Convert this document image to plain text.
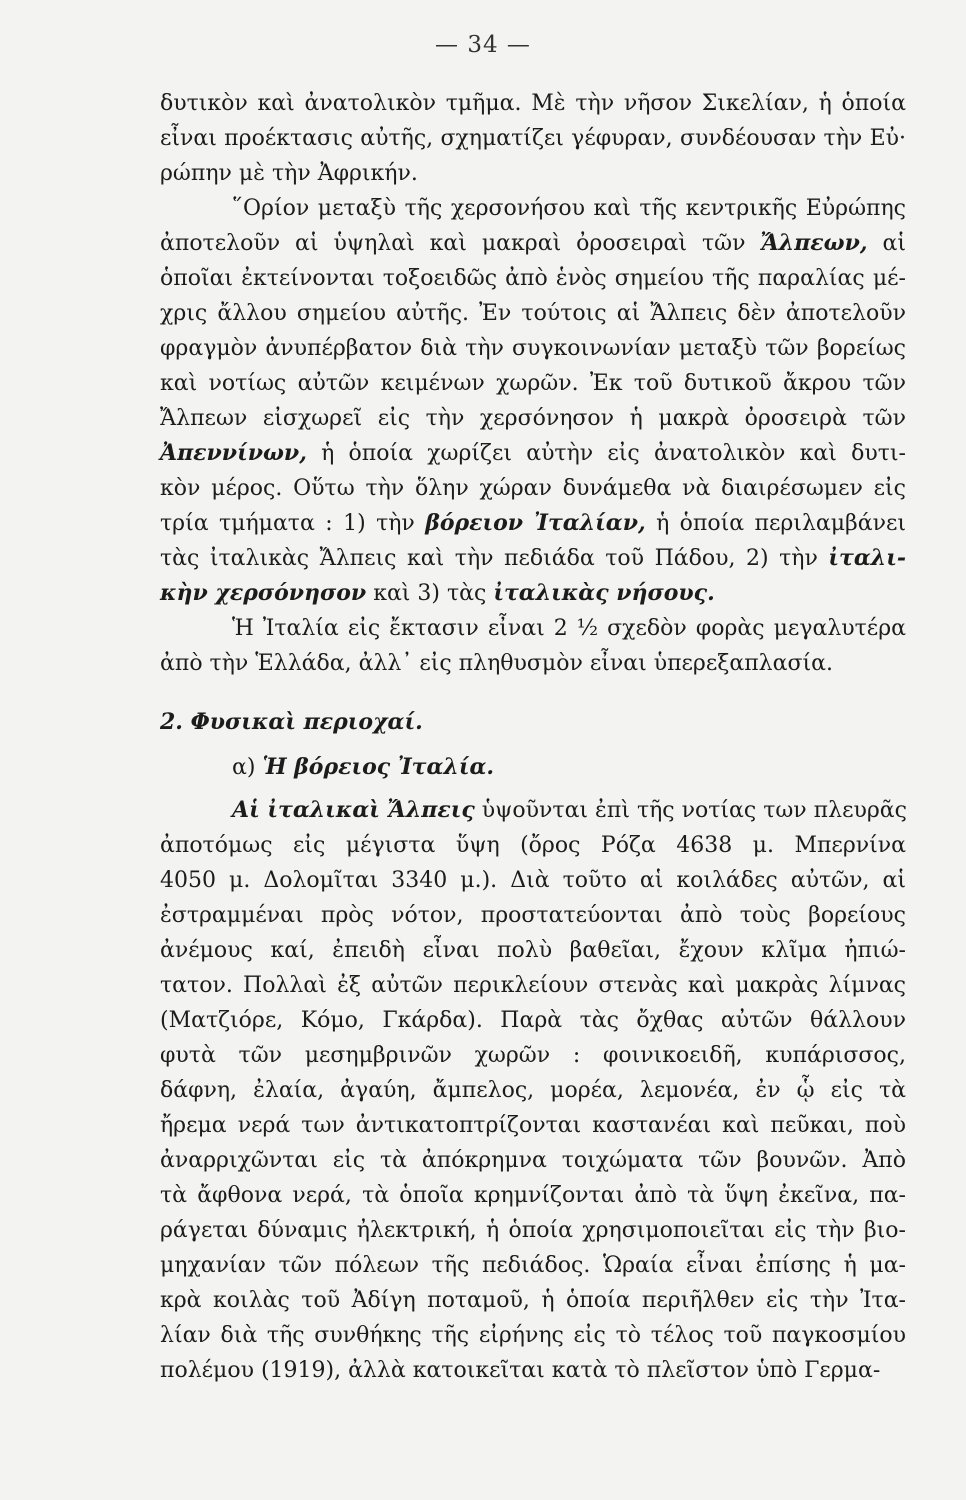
— 34 —
δυτικὸν καὶ ἀνατολικὸν τμῆμα. Μὲ τὴν νῆσον Σικελίαν, ἡ ὁποία
εἶναι προέκτασις αὐτῆς, σχηματίζει γέφυραν, συνδέουσαν τὴν Εὐ·
ρώπην μὲ τὴν Ἀφρικήν.
῞Ορίον μεταξὺ τῆς χερσονήσου καὶ τῆς κεντρικῆς Εὐρώπης
ἀποτελοῦν αἱ ὑψηλαὶ καὶ μακραὶ ὀροσειραὶ τῶν Ἄλπεων, αἱ
ὁποῖαι ἐκτείνονται τοξοειδῶς ἀπὸ ἑνὸς σημείου τῆς παραλίας μέ-
χρις ἄλλου σημείου αὐτῆς. Ἐν τούτοις αἱ Ἄλπεις δὲν ἀποτελοῦν
φραγμὸν ἀνυπέρβατον διὰ τὴν συγκοινωνίαν μεταξὺ τῶν βορείως
καὶ νοτίως αὐτῶν κειμένων χωρῶν. Ἐκ τοῦ δυτικοῦ ἄκρου τῶν
Ἄλπεων εἰσχωρεῖ εἰς τὴν χερσόνησον ἡ μακρὰ ὀροσειρὰ τῶν
Ἀπεννίνων, ἡ ὁποία χωρίζει αὐτὴν εἰς ἀνατολικὸν καὶ δυτι-
κὸν μέρος. Οὕτω τὴν ὅλην χώραν δυνάμεθα νὰ διαιρέσωμεν εἰς
τρία τμήματα : 1) τὴν βόρειον Ἰταλίαν, ἡ ὁποία περιλαμβάνει
τὰς ἰταλικὰς Ἄλπεις καὶ τὴν πεδιάδα τοῦ Πάδου, 2) τὴν ἰταλι-
κὴν χερσόνησον καὶ 3) τὰς ἰταλικὰς νήσους.
Ἡ Ἰταλία εἰς ἔκτασιν εἶναι 2 ½ σχεδὸν φορὰς μεγαλυτέρα
ἀπὸ τὴν Ἑλλάδα, ἀλλ᾽ εἰς πληθυσμὸν εἶναι ὑπερεξαπλασία.
2. Φυσικαὶ περιοχαί.
α) Ἡ βόρειος Ἰταλία.
Αἱ ἰταλικαὶ Ἄλπεις ὑψοῦνται ἐπὶ τῆς νοτίας των πλευρᾶς
ἀποτόμως εἰς μέγιστα ὕψη (ὄρος Ρόζα 4638 μ. Μπερνίνα
4050 μ. Δολομῖται 3340 μ.). Διὰ τοῦτο αἱ κοιλάδες αὐτῶν, αἱ
ἐστραμμέναι πρὸς νότον, προστατεύονται ἀπὸ τοὺς βορείους
ἀνέμους καί, ἐπειδὴ εἶναι πολὺ βαθεῖαι, ἔχουν κλῖμα ἠπιώ-
τατον. Πολλαὶ ἐξ αὐτῶν περικλείουν στενὰς καὶ μακρὰς λίμνας
(Ματζιόρε, Κόμο, Γκάρδα). Παρὰ τὰς ὄχθας αὐτῶν θάλλουν
φυτὰ τῶν μεσημβρινῶν χωρῶν : φοινικοειδῆ, κυπάρισσος,
δάφνη, ἐλαία, ἀγαύη, ἄμπελος, μορέα, λεμονέα, ἐν ᾧ εἰς τὰ
ἤρεμα νερά των ἀντικατοπτρίζονται καστανέαι καὶ πεῦκαι, ποὺ
ἀναρριχῶνται εἰς τὰ ἀπόκρημνα τοιχώματα τῶν βουνῶν. Ἀπὸ
τὰ ἄφθονα νερά, τὰ ὁποῖα κρημνίζονται ἀπὸ τὰ ὕψη ἐκεῖνα, πα-
ράγεται δύναμις ἠλεκτρική, ἡ ὁποία χρησιμοποιεῖται εἰς τὴν βιο-
μηχανίαν τῶν πόλεων τῆς πεδιάδος. Ὡραία εἶναι ἐπίσης ἡ μα-
κρὰ κοιλὰς τοῦ Ἀδίγη ποταμοῦ, ἡ ὁποία περιῆλθεν εἰς τὴν Ἰτα-
λίαν διὰ τῆς συνθήκης τῆς εἰρήνης εἰς τὸ τέλος τοῦ παγκοσμίου
πολέμου (1919), ἀλλὰ κατοικεῖται κατὰ τὸ πλεῖστον ὑπὸ Γερμα-
